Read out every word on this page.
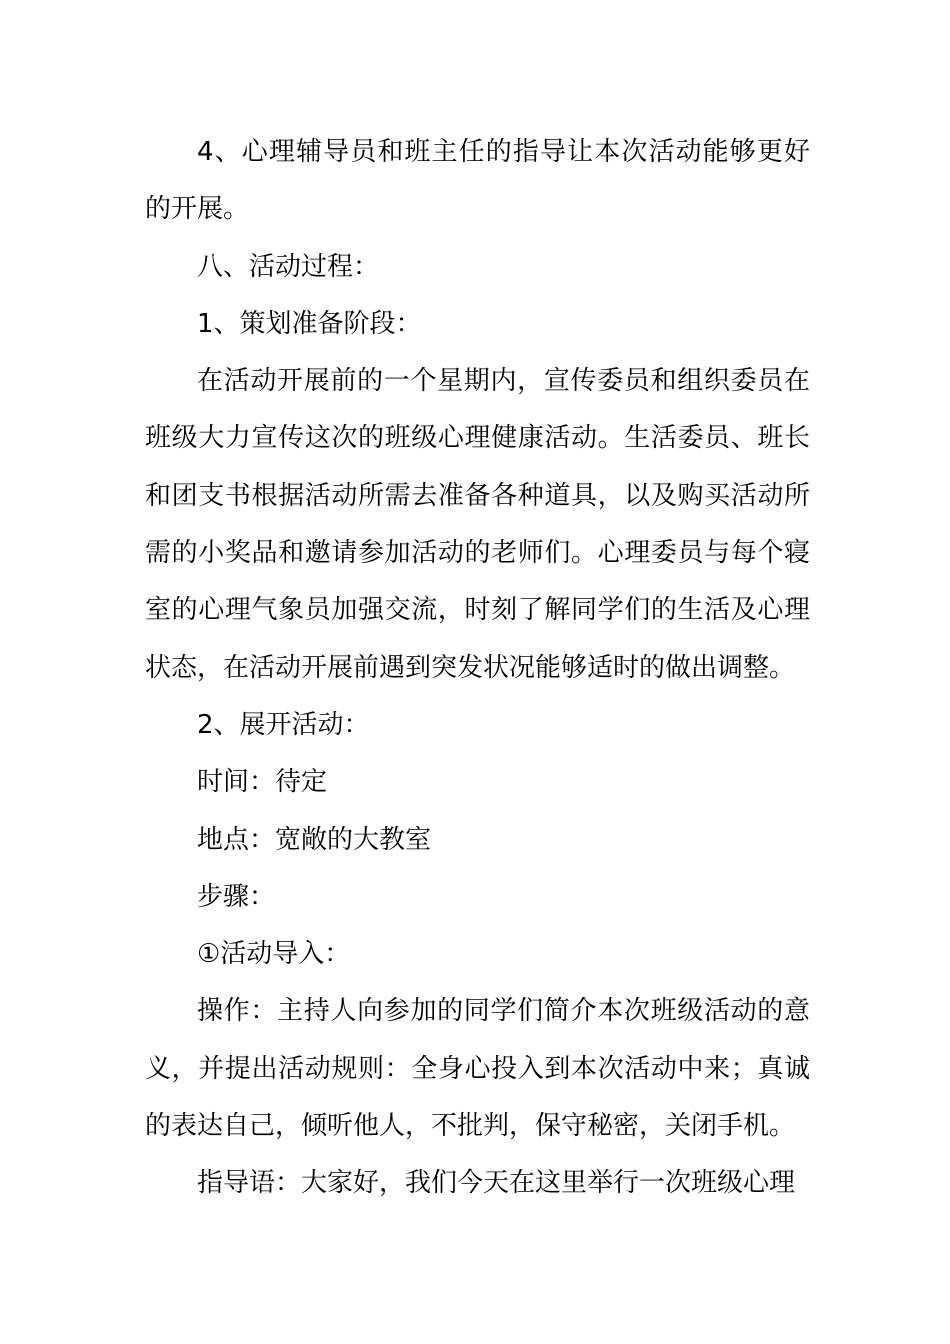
4、心理辅导员和班主任的指导让本次活动能够更好的开展。

八、活动过程：

1、策划准备阶段：

在活动开展前的一个星期内，宣传委员和组织委员在班级大力宣传这次的班级心理健康活动。生活委员、班长和团支书根据活动所需去准备各种道具，以及购买活动所需的小奖品和邀请参加活动的老师们。心理委员与每个寝室的心理气象员加强交流，时刻了解同学们的生活及心理状态，在活动开展前遇到突发状况能够适时的做出调整。

2、展开活动：

时间：待定

地点：宽敞的大教室

步骤：

①活动导入：

操作：主持人向参加的同学们简介本次班级活动的意义，并提出活动规则：全身心投入到本次活动中来；真诚的表达自己，倾听他人，不批判，保守秘密，关闭手机。

指导语：大家好，我们今天在这里举行一次班级心理
